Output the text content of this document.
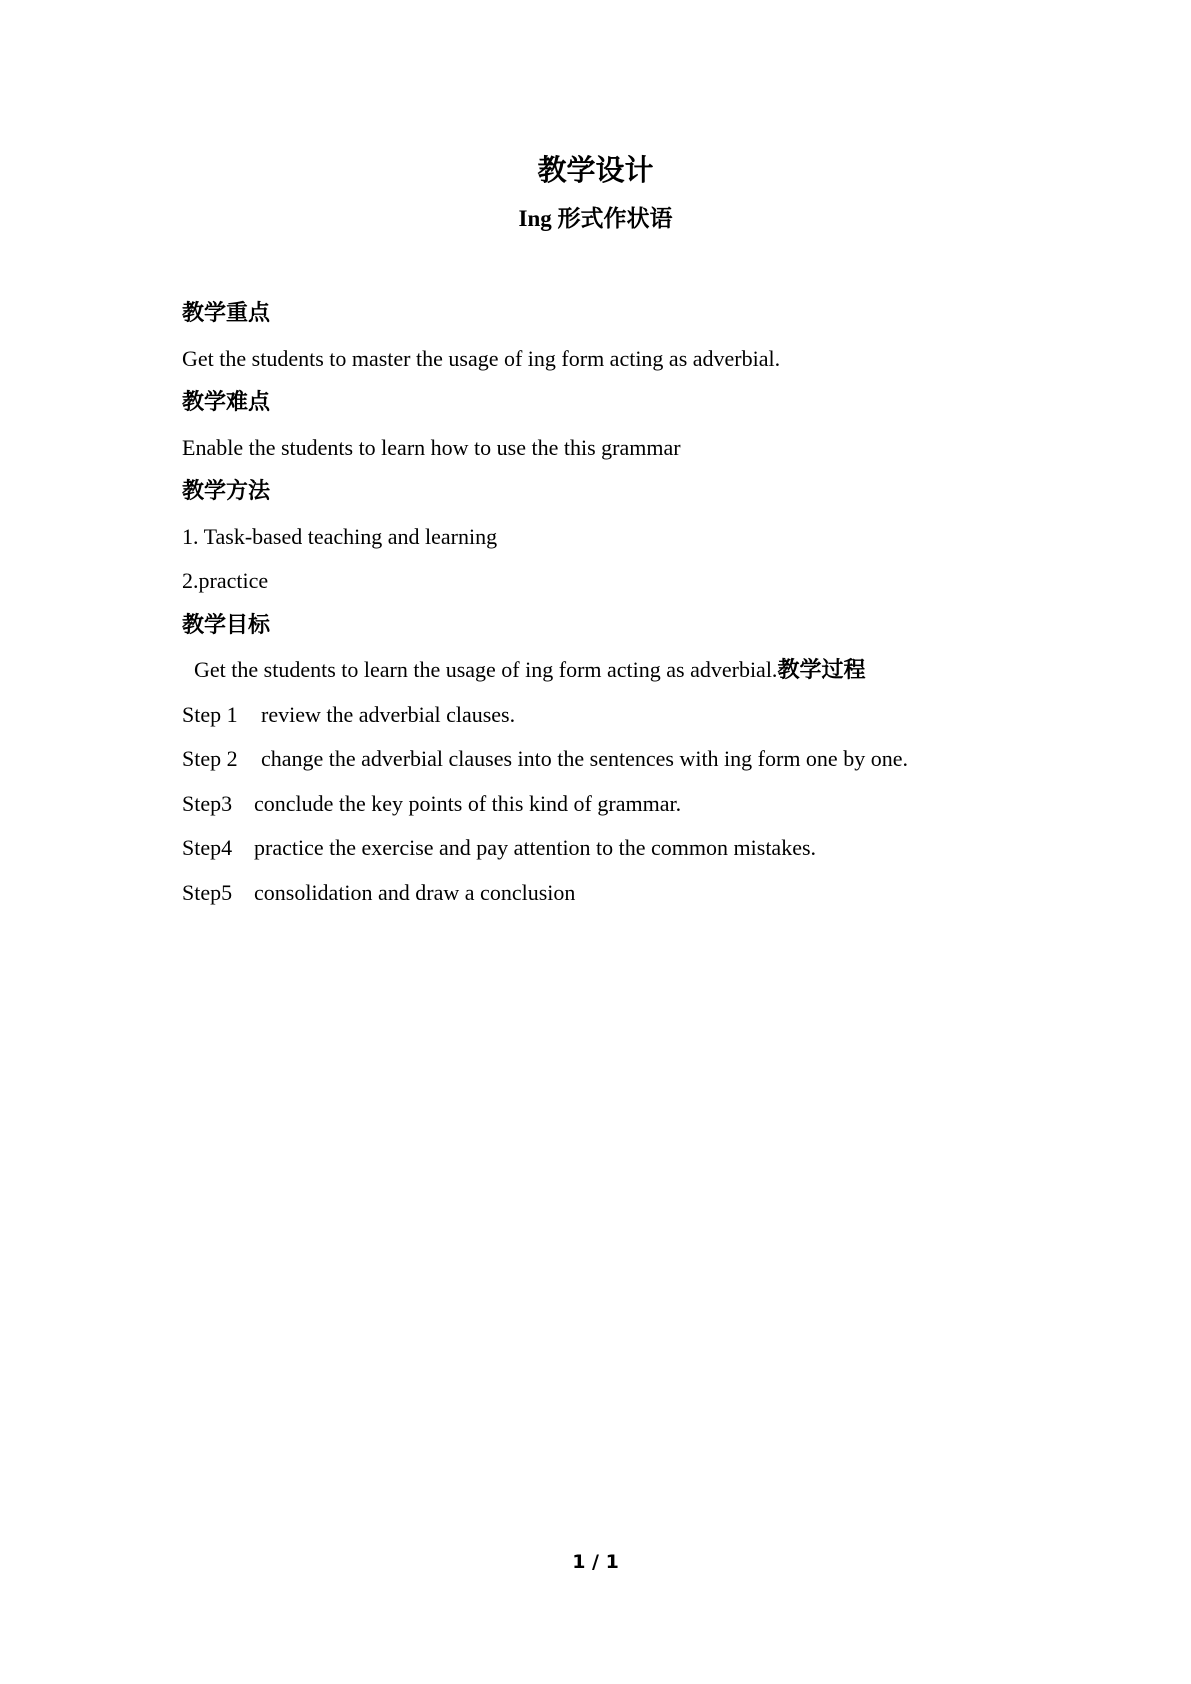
教学设计
Ing 形式作状语
教学重点
Get the students to master the usage of ing form acting as adverbial.
教学难点
Enable the students to learn how to use the this grammar
教学方法
1. Task-based teaching and learning
2.practice
教学目标
Get the students to learn the usage of ing form acting as adverbial.教学过程
Step 1 review the adverbial clauses.
Step 2 change the adverbial clauses into the sentences with ing form one by one.
Step3 conclude the key points of this kind of grammar.
Step4 practice the exercise and pay attention to the common mistakes.
Step5 consolidation and draw a conclusion
1 / 1
